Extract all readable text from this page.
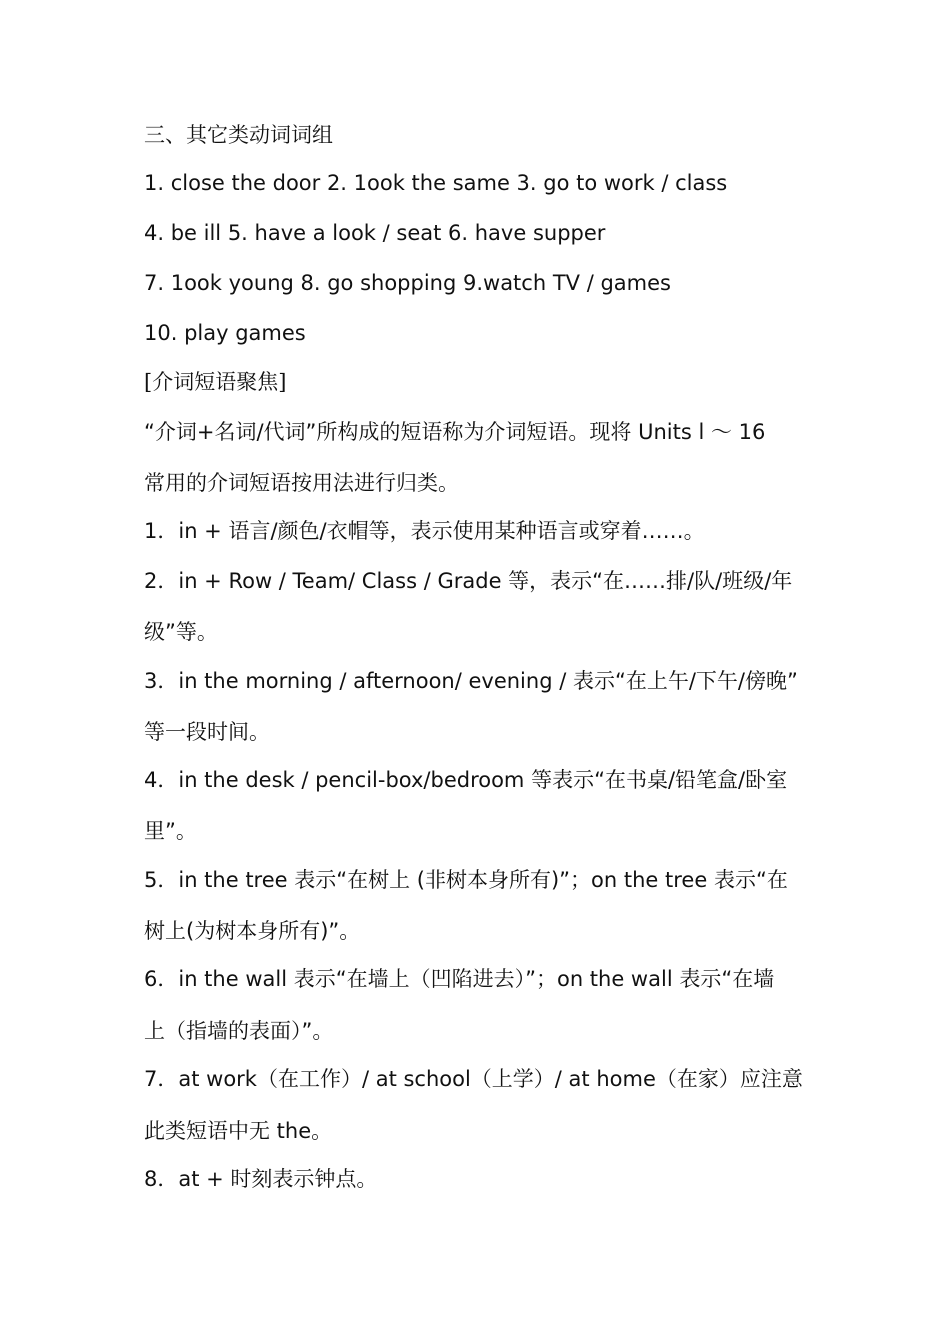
三、其它类动词词组
1. close the door 2. 1ook the same 3. go to work / class
4. be ill 5. have a look / seat 6. have supper
7. 1ook young 8. go shopping 9.watch TV / games
10. play games
[介词短语聚焦]
“介词+名词/代词”所构成的短语称为介词短语。现将 Units l ～ 16
常用的介词短语按用法进行归类。
1．in + 语言/颜色/衣帽等，表示使用某种语言或穿着……。
2．in + Row / Team/ Class / Grade 等，表示“在……排/队/班级/年
级”等。
3．in the morning / afternoon/ evening / 表示“在上午/下午/傍晚”
等一段时间。
4．in the desk / pencil-box/bedroom 等表示“在书桌/铅笔盒/卧室
里”。
5．in the tree 表示“在树上 (非树本身所有)”；on the tree 表示“在
树上(为树本身所有)”。
6．in the wall 表示“在墙上（凹陷进去）”；on the wall 表示“在墙
上（指墙的表面）”。
7．at work（在工作）/ at school（上学）/ at home（在家）应注意
此类短语中无 the。
8．at + 时刻表示钟点。
